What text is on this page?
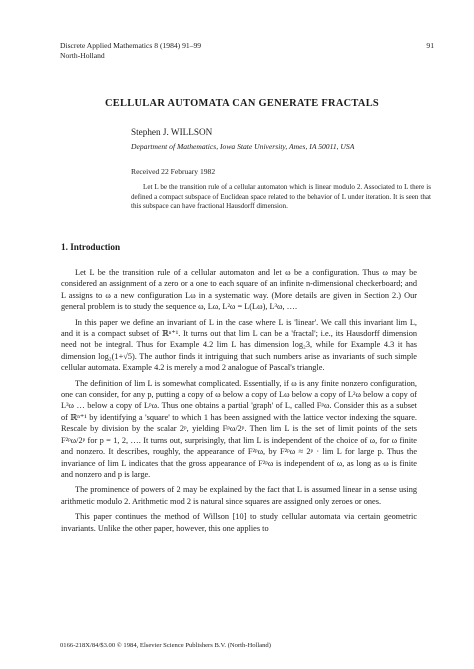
Discrete Applied Mathematics 8 (1984) 91–99
North-Holland
91
CELLULAR AUTOMATA CAN GENERATE FRACTALS
Stephen J. WILLSON
Department of Mathematics, Iowa State University, Ames, IA 50011, USA
Received 22 February 1982

Let L be the transition rule of a cellular automaton which is linear modulo 2. Associated to L there is defined a compact subspace of Euclidean space related to the behavior of L under iteration. It is seen that this subspace can have fractional Hausdorff dimension.

1. Introduction

Let L be the transition rule of a cellular automaton and let ω be a configuration. Thus ω may be considered an assignment of a zero or a one to each square of an infinite n-dimensional checkerboard; and L assigns to ω a new configuration Lω in a systematic way. (More details are given in Section 2.) Our general problem is to study the sequence ω, Lω, L²ω = L(Lω), L³ω, ….

In this paper we define an invariant of L in the case where L is 'linear'. We call this invariant lim L, and it is a compact subset of ℝⁿ⁺¹. It turns out that lim L can be a 'fractal'; i.e., its Hausdorff dimension need not be integral. Thus for Example 4.2 lim L has dimension log₂3, while for Example 4.3 it has dimension log₂(1+√5). The author finds it intriguing that such numbers arise as invariants of such simple cellular automata. Example 4.2 is merely a mod 2 analogue of Pascal's triangle.

The definition of lim L is somewhat complicated. Essentially, if ω is any finite nonzero configuration, one can consider, for any p, putting a copy of ω below a copy of Lω below a copy of L²ω below a copy of L³ω … below a copy of Lᵖω. Thus one obtains a partial 'graph' of L, called Fᵖω. Consider this as a subset of ℝⁿ⁺¹ by identifying a 'square' to which 1 has been assigned with the lattice vector indexing the square. Rescale by division by the scalar 2ᵖ, yielding Fᵖω/2ᵖ. Then lim L is the set of limit points of the sets F²ᵖω/2ᵖ for p = 1, 2, …. It turns out, surprisingly, that lim L is independent of the choice of ω, for ω finite and nonzero. It describes, roughly, the appearance of F²ᵖω, by F²ᵖω ≈ 2ᵖ · lim L for large p. Thus the invariance of lim L indicates that the gross appearance of F²ᵖω is independent of ω, as long as ω is finite and nonzero and p is large.

The prominence of powers of 2 may be explained by the fact that L is assumed linear in a sense using arithmetic modulo 2. Arithmetic mod 2 is natural since squares are assigned only zeroes or ones.

This paper continues the method of Willson [10] to study cellular automata via certain geometric invariants. Unlike the other paper, however, this one applies to

0166-218X/84/$3.00 © 1984, Elsevier Science Publishers B.V. (North-Holland)
